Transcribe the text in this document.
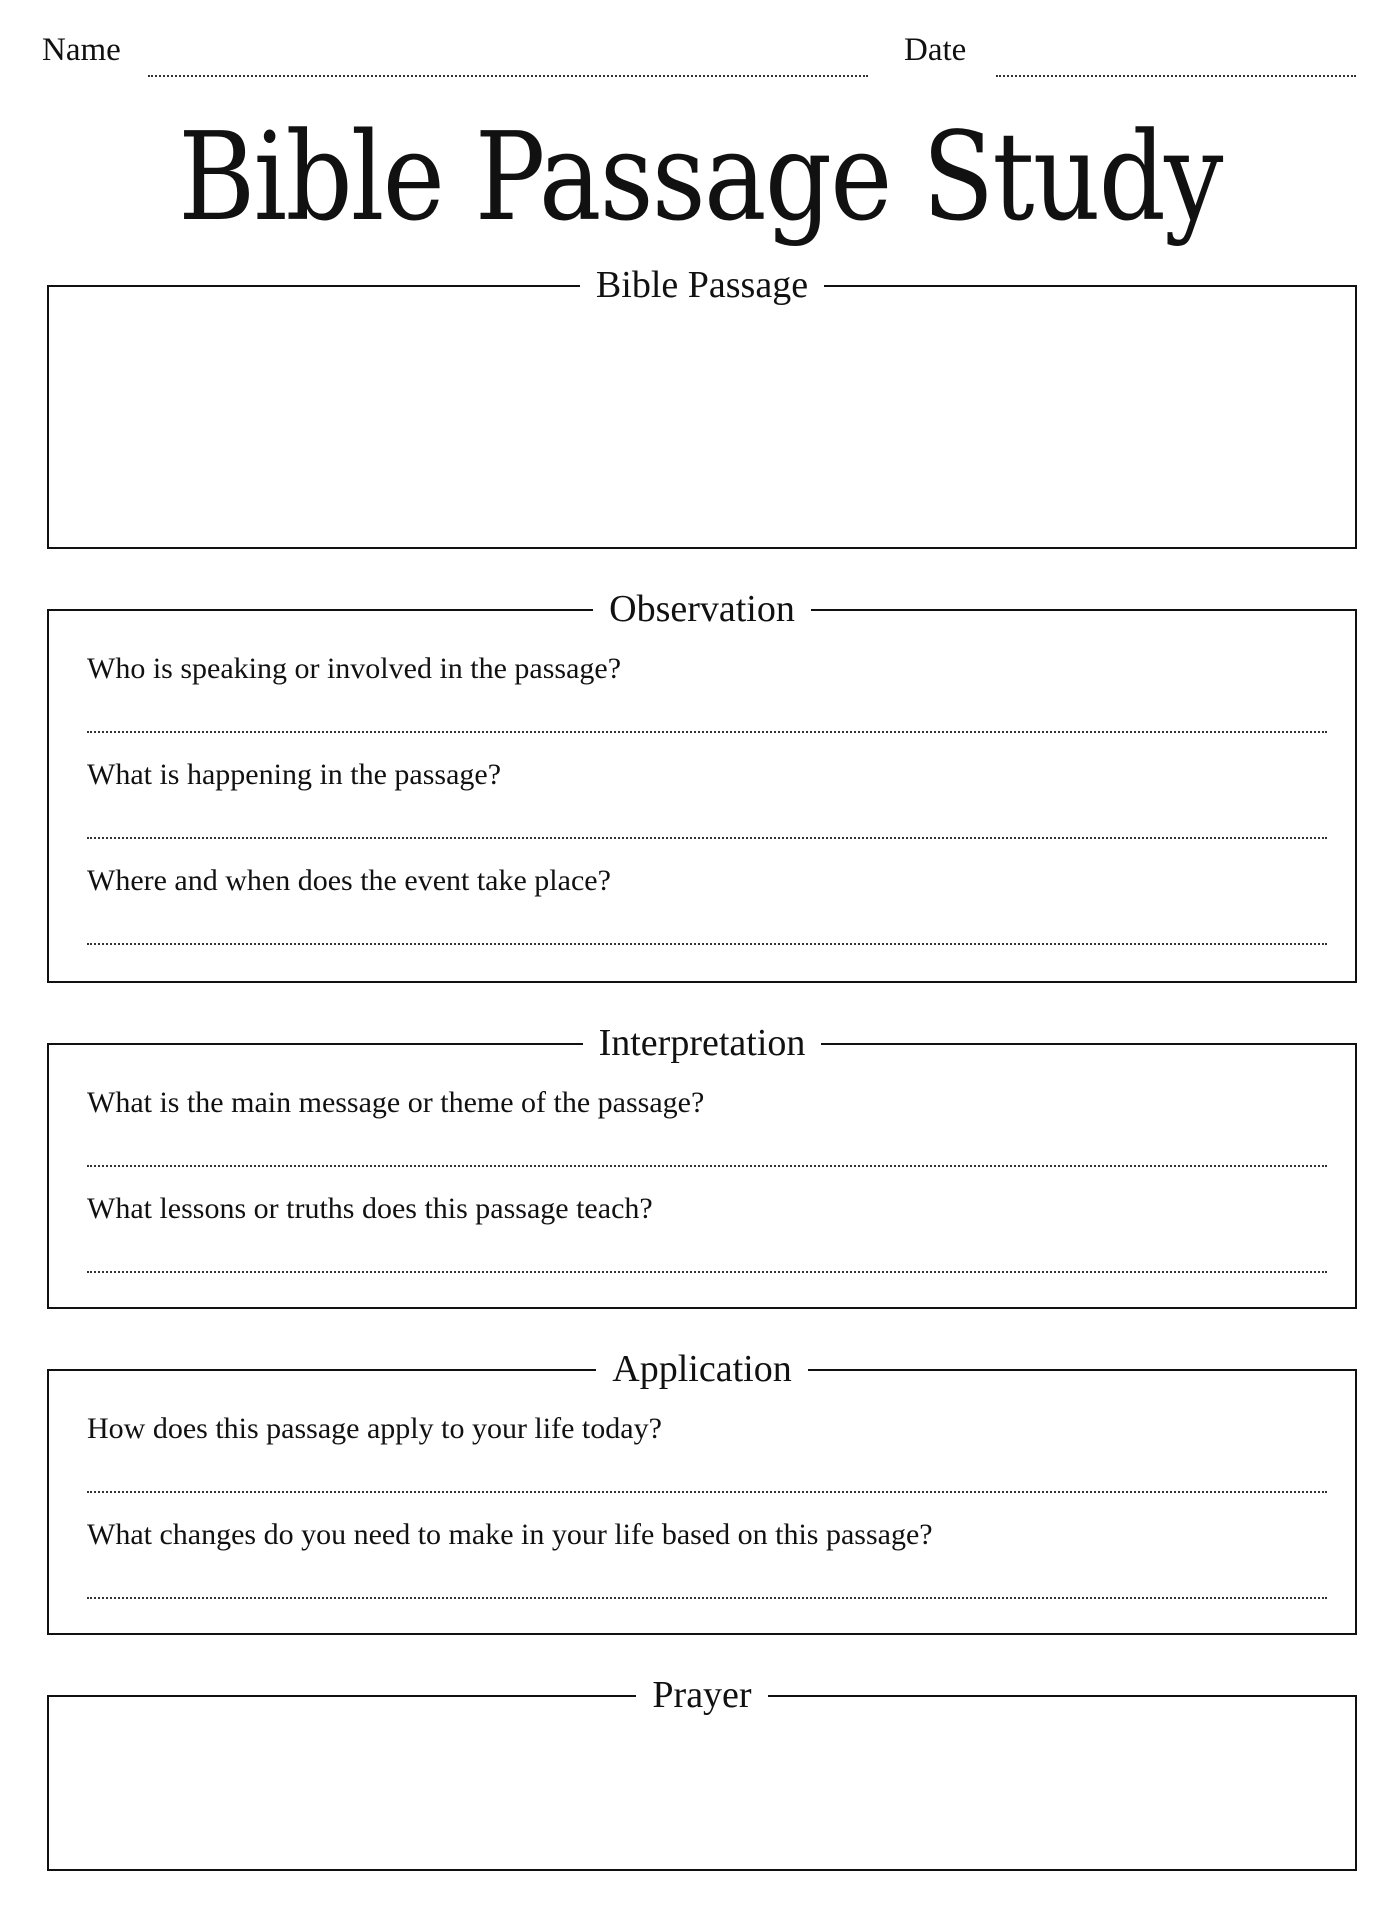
Name	Date
Bible Passage Study
Bible Passage
Observation
Who is speaking or involved in the passage?
What is happening in the passage?
Where and when does the event take place?
Interpretation
What is the main message or theme of the passage?
What lessons or truths does this passage teach?
Application
How does this passage apply to your life today?
What changes do you need to make in your life based on this passage?
Prayer
